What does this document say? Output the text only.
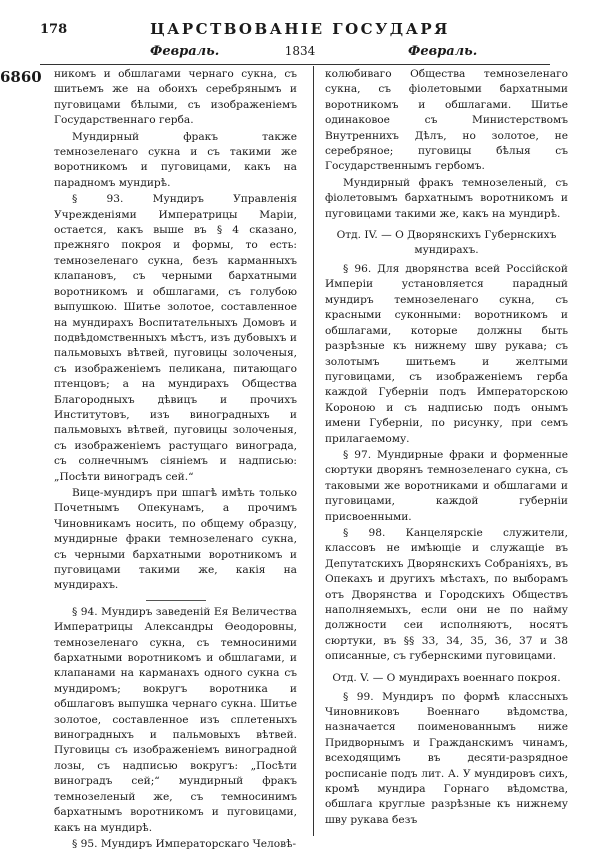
178	ЦАРСТВОВАНІЕ ГОСУДАРЯ
Февраль.	1834	Февраль.
6860 никомъ и обшлагами чернаго сукна, съ шитьемъ же на обоихъ серебрянымъ и пуговицами бѣлыми, съ изображеніемъ Государственнаго герба.

Мундирный фракъ также темнозеленаго сукна и съ такими же воротникомъ и пуговицами, какъ на парадномъ мундирѣ.

§ 93. Мундиръ Управленія Учрежденіями Императрицы Маріи, остается, какъ выше въ § 4 сказано, прежняго покроя и формы, то есть: темнозеленаго сукна, безъ карманныхъ клапановъ, съ черными бархатными воротникомъ и обшлагами, съ голубою выпушкою. Шитье золотое, составленное на мундирахъ Воспитательныхъ Домовъ и подвѣдомственныхъ мѣстъ, изъ дубовыхъ и пальмовыхъ вѣтвей, пуговицы золоченыя, съ изображеніемъ пеликана, питающаго птенцовъ; а на мундирахъ Общества Благородныхъ дѣвицъ и прочихъ Институтовъ, изъ виноградныхъ и пальмовыхъ вѣтвей, пуговицы золоченыя, съ изображеніемъ растущаго винограда, съ солнечнымъ сіяніемъ и надписью: „Посѣти виноградъ сей.“

Вице-мундиръ при шпагѣ имѣть только Почетнымъ Опекунамъ, а прочимъ Чиновникамъ носить, по общему образцу, мундирные фраки темнозеленаго сукна, съ черными бархатными воротникомъ и пуговицами такими же, какія на мундирахъ.

§ 94. Мундиръ заведеній Ея Величества Императрицы Александры Ѳеодоровны, темнозеленаго сукна, съ темносиними бархатными воротникомъ и обшлагами, и клапанами на карманахъ одного сукна съ мундиромъ; вокругъ воротника и обшлаговъ выпушка чернаго сукна. Шитье золотое, составленное изъ сплетеныхъ виноградныхъ и пальмовыхъ вѣтвей. Пуговицы съ изображеніемъ виноградной лозы, съ надписью вокругъ: „Посѣти виноградъ сей;“ мундирный фракъ темнозеленый же, съ темносинимъ бархатнымъ воротникомъ и пуговицами, какъ на мундирѣ.

§ 95. Мундиръ Императорскаго Человѣ-

колюбиваго Общества темнозеленаго сукна, съ фіолетовыми бархатными воротникомъ и обшлагами. Шитье одинаковое съ Министерствомъ Внутреннихъ Дѣлъ, но золотое, не серебряное; пуговицы бѣлыя съ Государственнымъ гербомъ.

Мундирный фракъ темнозеленый, съ фіолетовымъ бархатнымъ воротникомъ и пуговицами такими же, какъ на мундирѣ.

Отд. IV. — О Дворянскихъ Губернскихъ мундирахъ.

§ 96. Для дворянства всей Россійской Имперіи установляется парадный мундиръ темнозеленаго сукна, съ красными суконными: воротникомъ и обшлагами, которые должны быть разрѣзные къ нижнему шву рукава; съ золотымъ шитьемъ и желтыми пуговицами, съ изображеніемъ герба каждой Губерніи подъ Императорскою Короною и съ надписью подъ онымъ имени Губерніи, по рисунку, при семъ прилагаемому.

§ 97. Мундирные фраки и форменные сюртуки дворянъ темнозеленаго сукна, съ таковыми же воротниками и обшлагами и пуговицами, каждой губерніи присвоенными.

§ 98. Канцелярскіе служители, классовъ не имѣющіе и служащіе въ Депутатскихъ Дворянскихъ Собраніяхъ, въ Опекахъ и другихъ мѣстахъ, по выборамъ отъ Дворянства и Городскихъ Обществъ наполняемыхъ, если они не по найму должности сеи исполняютъ, носятъ сюртуки, въ §§ 33, 34, 35, 36, 37 и 38 описанные, съ губернскими пуговицами.

Отд. V. — О мундирахъ военнаго покроя.

§ 99. Мундиръ по формѣ классныхъ Чиновниковъ Военнаго вѣдомства, назначается поименованнымъ ниже Придворнымъ и Гражданскимъ чинамъ, всеходящимъ въ десяти-разрядное росписаніе подъ лит. А. У мундировъ сихъ, кромѣ мундира Горнаго вѣдомства, обшлага круглые разрѣзные къ нижнему шву рукава безъ
